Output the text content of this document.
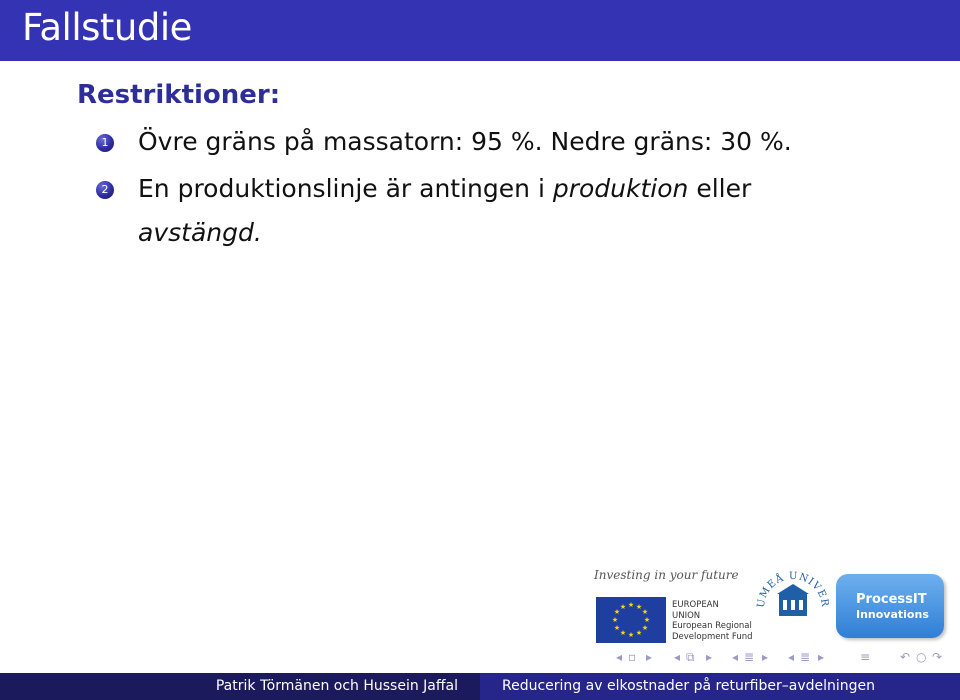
Fallstudie
Restriktioner:
1 Övre gräns på massatorn: 95 %. Nedre gräns: 30 %.
2 En produktionslinje är antingen i produktion eller
avstängd.
Investing in your future
★ ★
★
★
★
★
★
★
★
★
★
★	EUROPEAN
UNION
European Regional
Development Fund
UMEÅ UNIVER ProcessIT
Innovations
◂ ▫ ▸ ◂ ⧉ ▸ ◂ ≣ ▸ ◂ ≣ ▸	≡ ↶ ○ ↷
Patrik Törmänen och Hussein Jaffal	Reducering av elkostnader på returfiber–avdelningen
